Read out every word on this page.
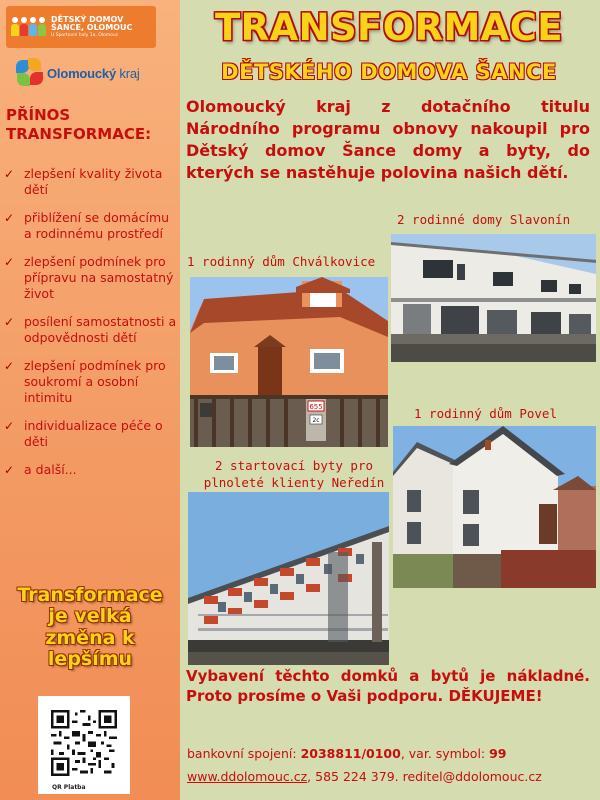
DĚTSKÝ DOMOV
ŠANCE, OLOMOUC
U Sportovní haly 1a, Olomouc
Olomoucký kraj
PŘÍNOS
TRANSFORMACE:
✓ zlepšení kvality života dětí
✓ přiblížení se domácímu a rodinnému prostředí
✓ zlepšení podmínek pro přípravu na samostatný život
✓ posílení samostatnosti a odpovědnosti dětí
✓ zlepšení podmínek pro soukromí a osobní intimitu
✓ individualizace péče o děti
✓ a další...
Transformace
je velká
změna k
lepšímu
QR Platba
TRANSFORMACE
DĚTSKÉHO DOMOVA ŠANCE
Olomoucký kraj z dotačního titulu Národního programu obnovy nakoupil pro Dětský domov Šance domy a byty, do kterých se nastěhuje polovina našich dětí.
2 rodinné domy Slavonín
1 rodinný dům Chválkovice
1 rodinný dům Povel
2 startovací byty pro
plnoleté klienty Neředín
655
2c
Vybavení těchto domků a bytů je nákladné. Proto prosíme o Vaši podporu. DĚKUJEME!
bankovní spojení: 2038811/0100, var. symbol: 99
www.ddolomouc.cz, 585 224 379. reditel@ddolomouc.cz
